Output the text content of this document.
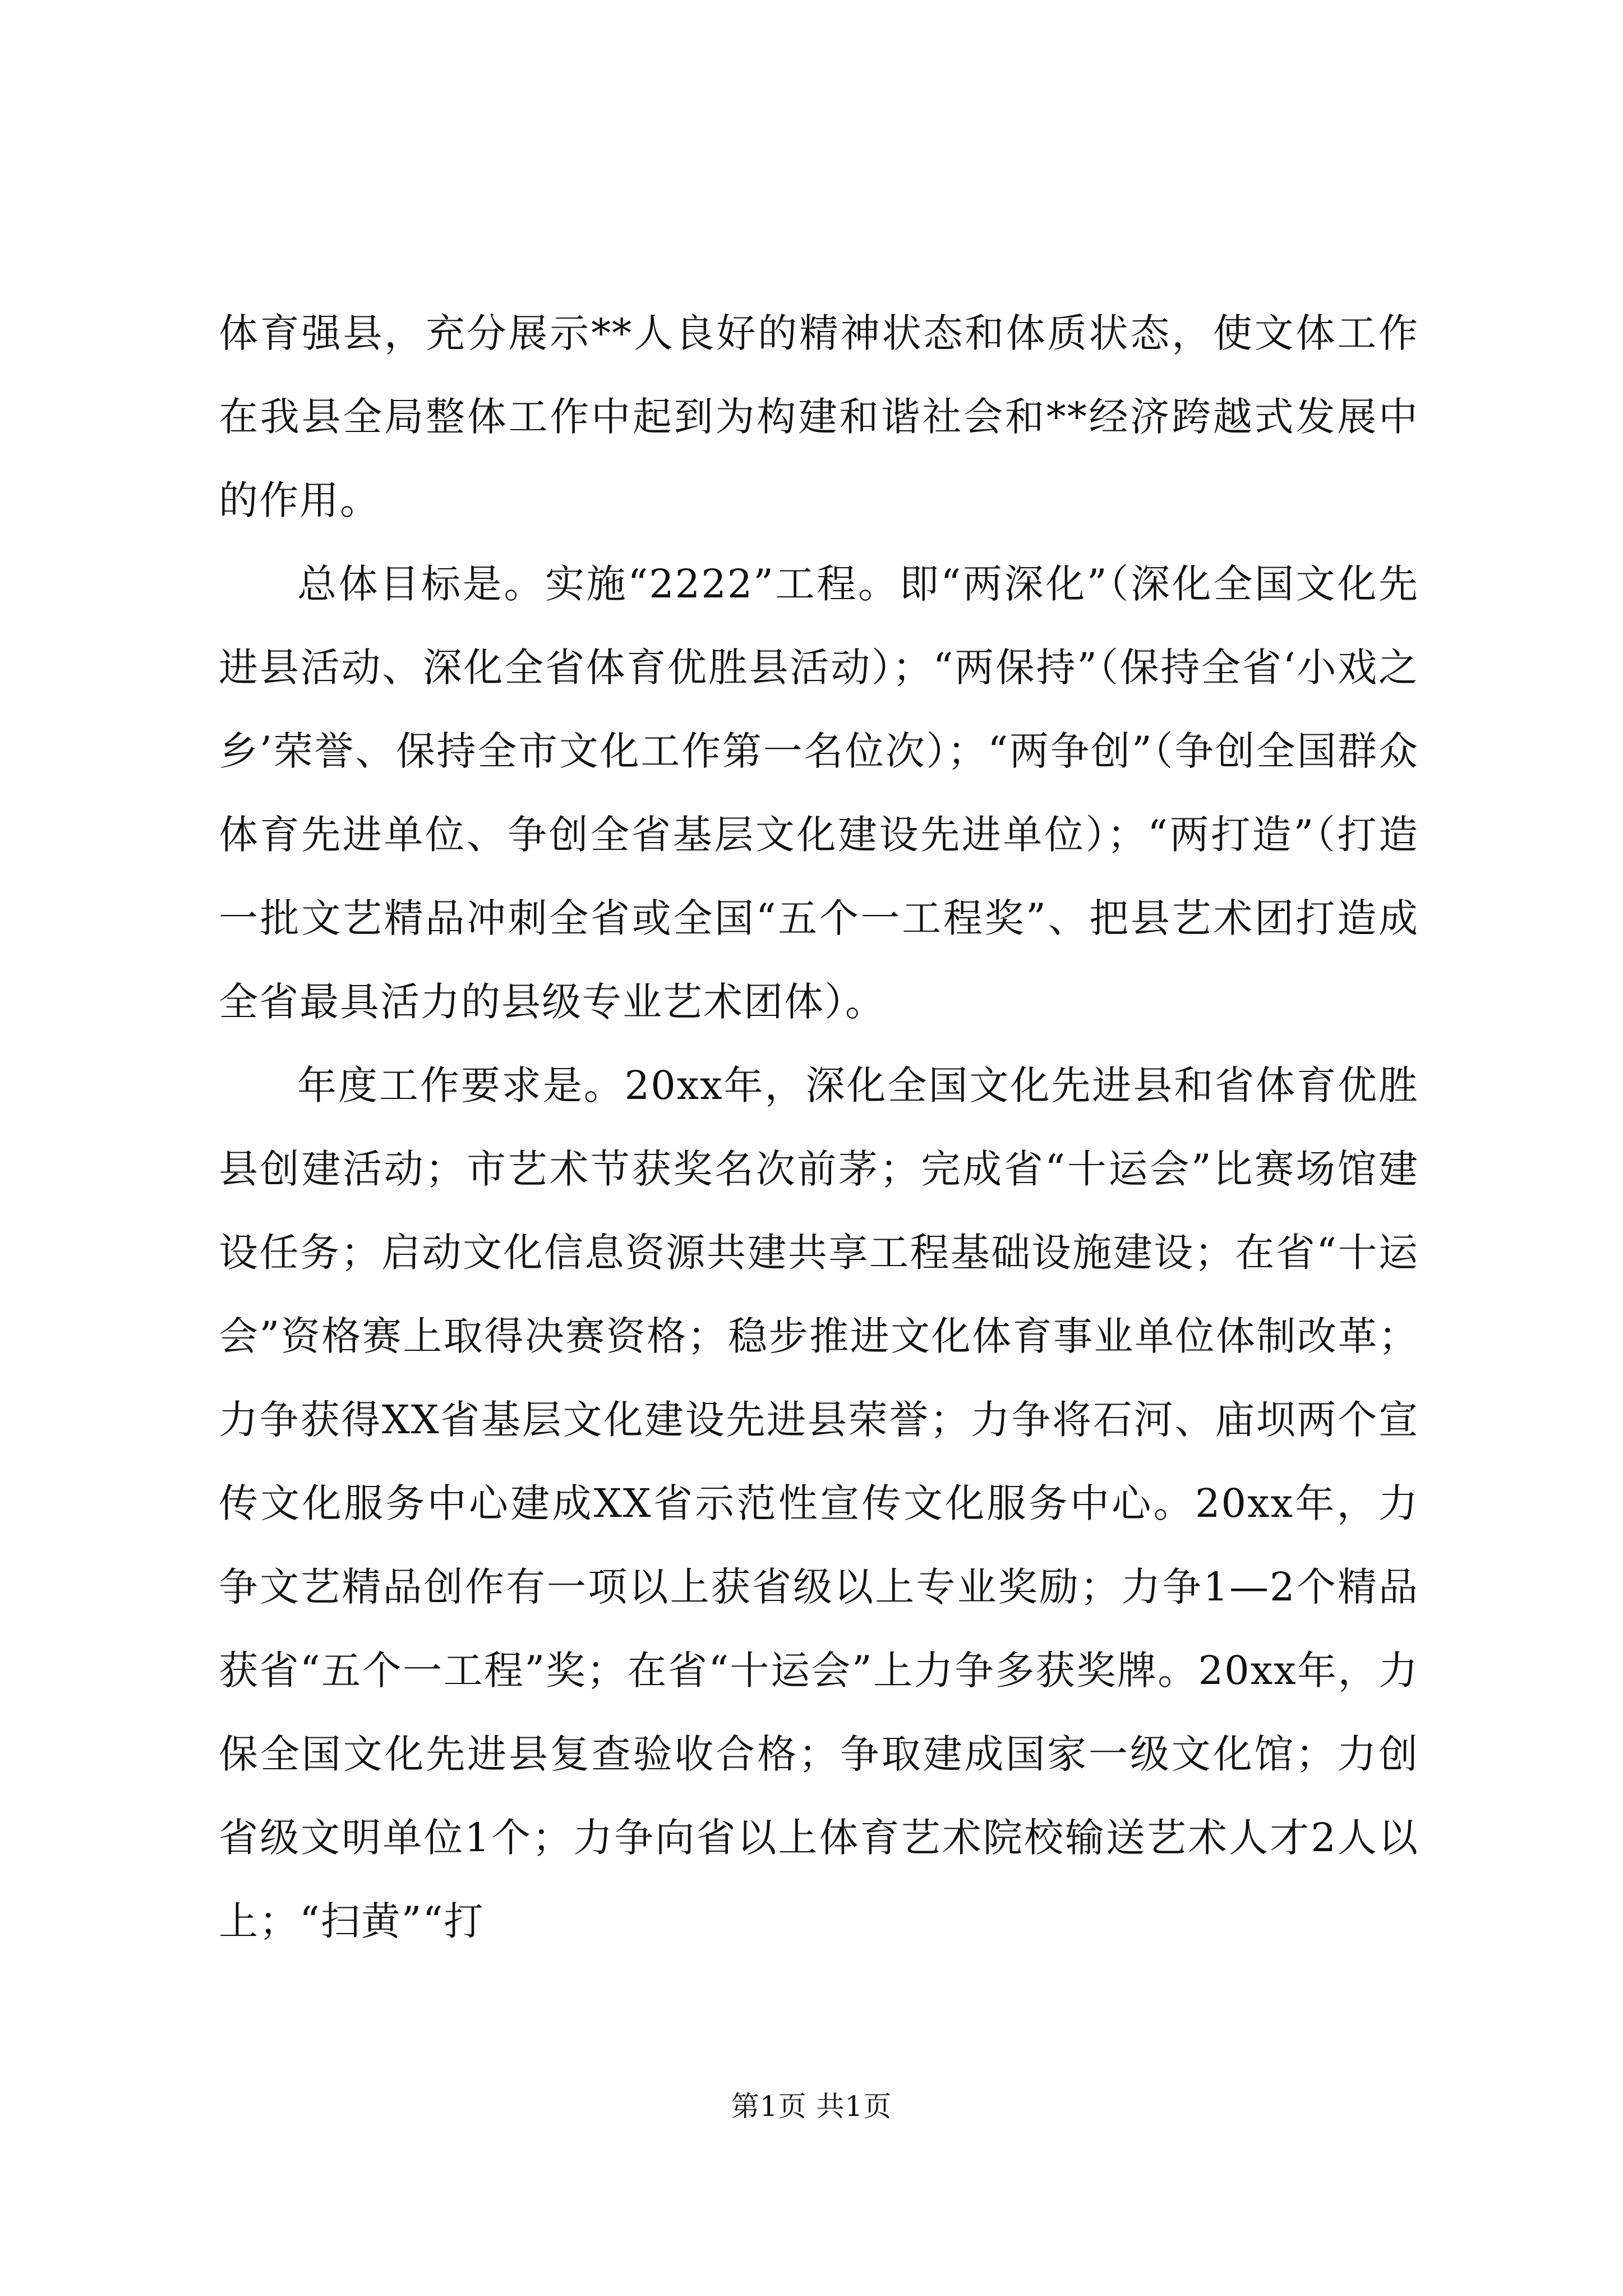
体育强县，充分展示**人良好的精神状态和体质状态，使文体工作在我县全局整体工作中起到为构建和谐社会和**经济跨越式发展中的作用。

总体目标是。实施“2222”工程。即“两深化”（深化全国文化先进县活动、深化全省体育优胜县活动）；“两保持”（保持全省‘小戏之乡’荣誉、保持全市文化工作第一名位次）；“两争创”（争创全国群众体育先进单位、争创全省基层文化建设先进单位）；“两打造”（打造一批文艺精品冲刺全省或全国“五个一工程奖”、把县艺术团打造成全省最具活力的县级专业艺术团体）。

年度工作要求是。20xx年，深化全国文化先进县和省体育优胜县创建活动；市艺术节获奖名次前茅；完成省“十运会”比赛场馆建设任务；启动文化信息资源共建共享工程基础设施建设；在省“十运会”资格赛上取得决赛资格；稳步推进文化体育事业单位体制改革；力争获得XX省基层文化建设先进县荣誉；力争将石河、庙坝两个宣传文化服务中心建成XX省示范性宣传文化服务中心。20xx年，力争文艺精品创作有一项以上获省级以上专业奖励；力争1—2个精品获省“五个一工程”奖；在省“十运会”上力争多获奖牌。20xx年，力保全国文化先进县复查验收合格；争取建成国家一级文化馆；力创省级文明单位1个；力争向省以上体育艺术院校输送艺术人才2人以上；“扫黄”“打

第1页 共1页
